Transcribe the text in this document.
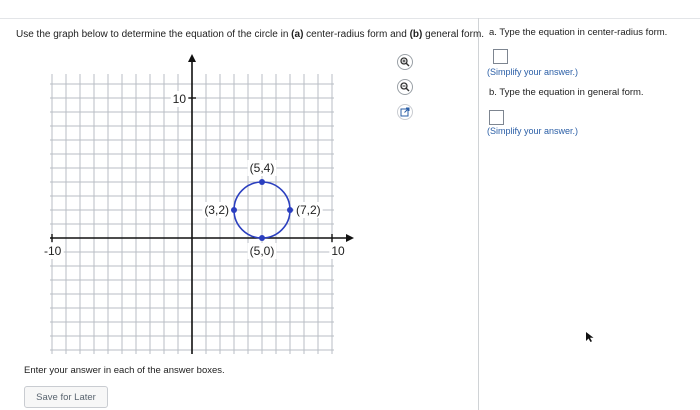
Use the graph below to determine the equation of the circle in (a) center-radius form and (b) general form.
10
-10	10
(5,4)
(3,2)	(7,2)
(5,0)
a. Type the equation in center-radius form.
(Simplify your answer.)
b. Type the equation in general form.
(Simplify your answer.)
Enter your answer in each of the answer boxes.
Save for Later
